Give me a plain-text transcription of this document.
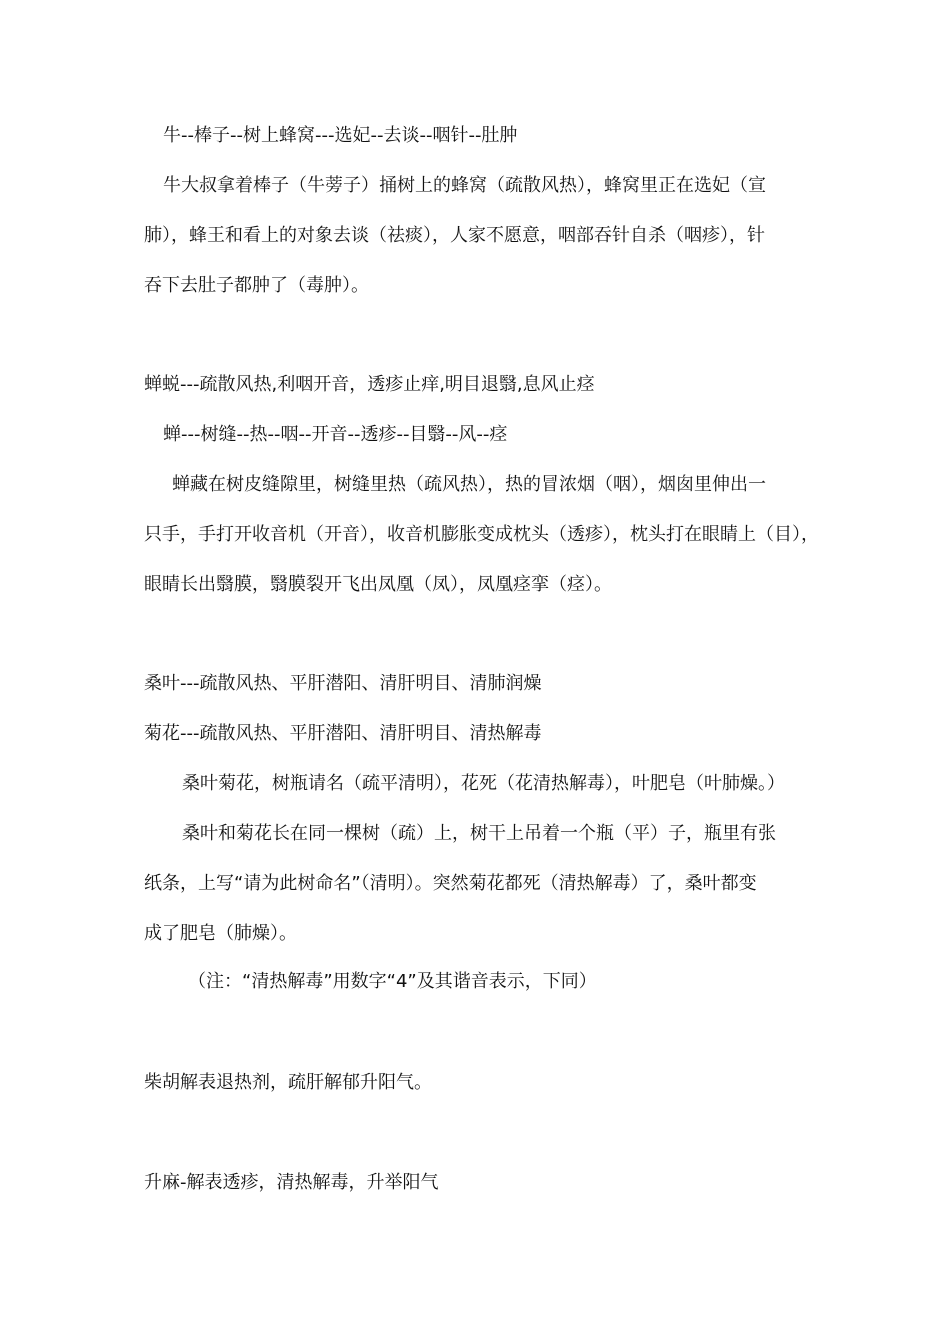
牛--棒子--树上蜂窝---选妃--去谈--咽针--肚肿
牛大叔拿着棒子（牛蒡子）捅树上的蜂窝（疏散风热），蜂窝里正在选妃（宣
肺），蜂王和看上的对象去谈（祛痰），人家不愿意，咽部吞针自杀（咽疹），针
吞下去肚子都肿了（毒肿）。
蝉蜕---疏散风热,利咽开音，透疹止痒,明目退翳,息风止痉
蝉---树缝--热--咽--开音--透疹--目翳--风--痉
蝉藏在树皮缝隙里，树缝里热（疏风热），热的冒浓烟（咽），烟囱里伸出一
只手，手打开收音机（开音），收音机膨胀变成枕头（透疹），枕头打在眼睛上（目），
眼睛长出翳膜，翳膜裂开飞出凤凰（凤），凤凰痉挛（痉）。
桑叶---疏散风热、平肝潜阳、清肝明目、清肺润燥
菊花---疏散风热、平肝潜阳、清肝明目、清热解毒
桑叶菊花，树瓶请名（疏平清明），花死（花清热解毒），叶肥皂（叶肺燥。）
桑叶和菊花长在同一棵树（疏）上，树干上吊着一个瓶（平）子，瓶里有张
纸条，上写“请为此树命名”（清明）。突然菊花都死（清热解毒）了，桑叶都变
成了肥皂（肺燥）。
（注：“清热解毒”用数字“4”及其谐音表示，下同）
柴胡解表退热剂，疏肝解郁升阳气。
升麻-解表透疹，清热解毒，升举阳气
